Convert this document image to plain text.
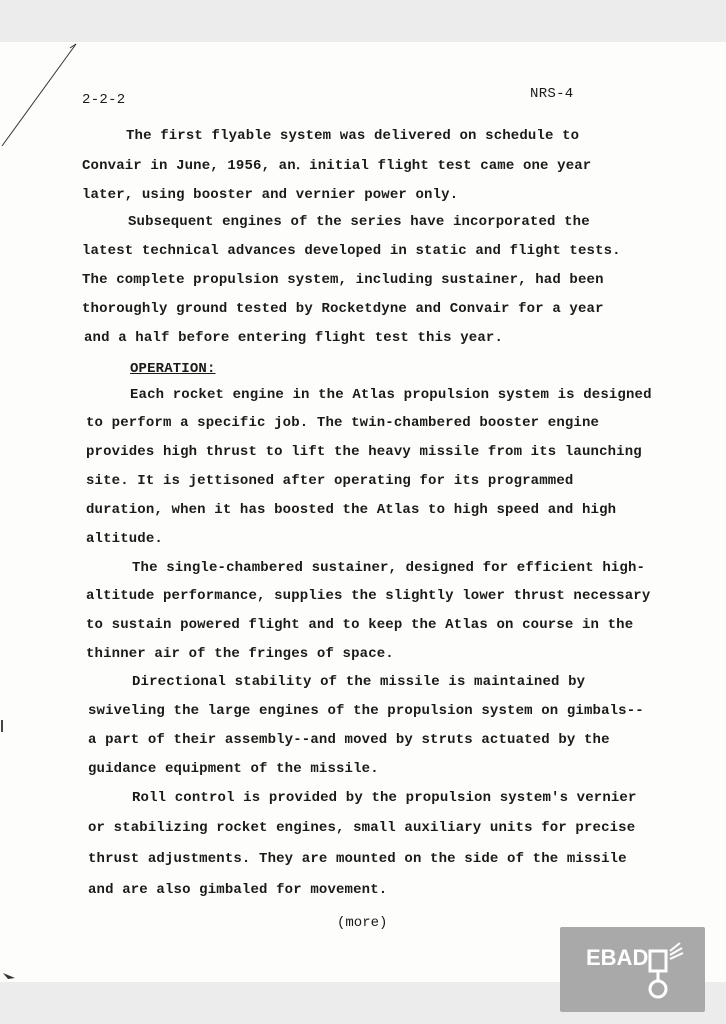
2-2-2	NRS-4
The first flyable system was delivered on schedule to
Convair in June, 1956, an․ initial flight test came one year
later, using booster and vernier power only.
Subsequent engines of the series have incorporated the
latest technical advances developed in static and flight tests.
The complete propulsion system, including sustainer, had been
thoroughly ground tested by Rocketdyne and Convair for a year
and a half before entering flight test this year.
OPERATION:
Each rocket engine in the Atlas propulsion system is designed
to perform a specific job. The twin-chambered booster engine
provides high thrust to lift the heavy missile from its launching
site. It is jettisoned after operating for its programmed
duration, when it has boosted the Atlas to high speed and high
altitude.
The single-chambered sustainer, designed for efficient high-
altitude performance, supplies the slightly lower thrust necessary
to sustain powered flight and to keep the Atlas on course in the
thinner air of the fringes of space.
Directional stability of the missile is maintained by
swiveling the large engines of the propulsion system on gimbals--
a part of their assembly--and moved by struts actuated by the
guidance equipment of the missile.
Roll control is provided by the propulsion system's vernier
or stabilizing rocket engines, small auxiliary units for precise
thrust adjustments. They are mounted on the side of the missile
and are also gimbaled for movement.
(more)
EBAD
